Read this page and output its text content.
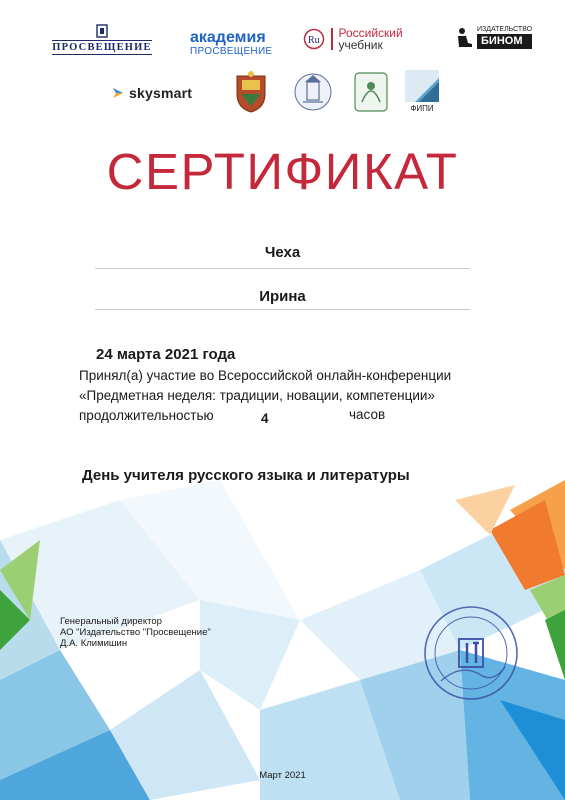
ПРОСВЕЩЕНИЕ
академия
ПРОСВЕЩЕНИЕ
Ru
Российский
учебник
ИЗДАТЕЛЬСТВО
БИНОМ
skysmart
ФИПИ
СЕРТИФИКАТ
Чеха
Ирина
24 марта 2021 года
Принял(а) участие во Всероссийской онлайн-конференции
«Предметная неделя: традиции, новации, компетенции»
продолжительностью	4	часов
День учителя русского языка и литературы
Генеральный директор
АО "Издательство "Просвещение"
Д.А. Климишин
Март 2021
